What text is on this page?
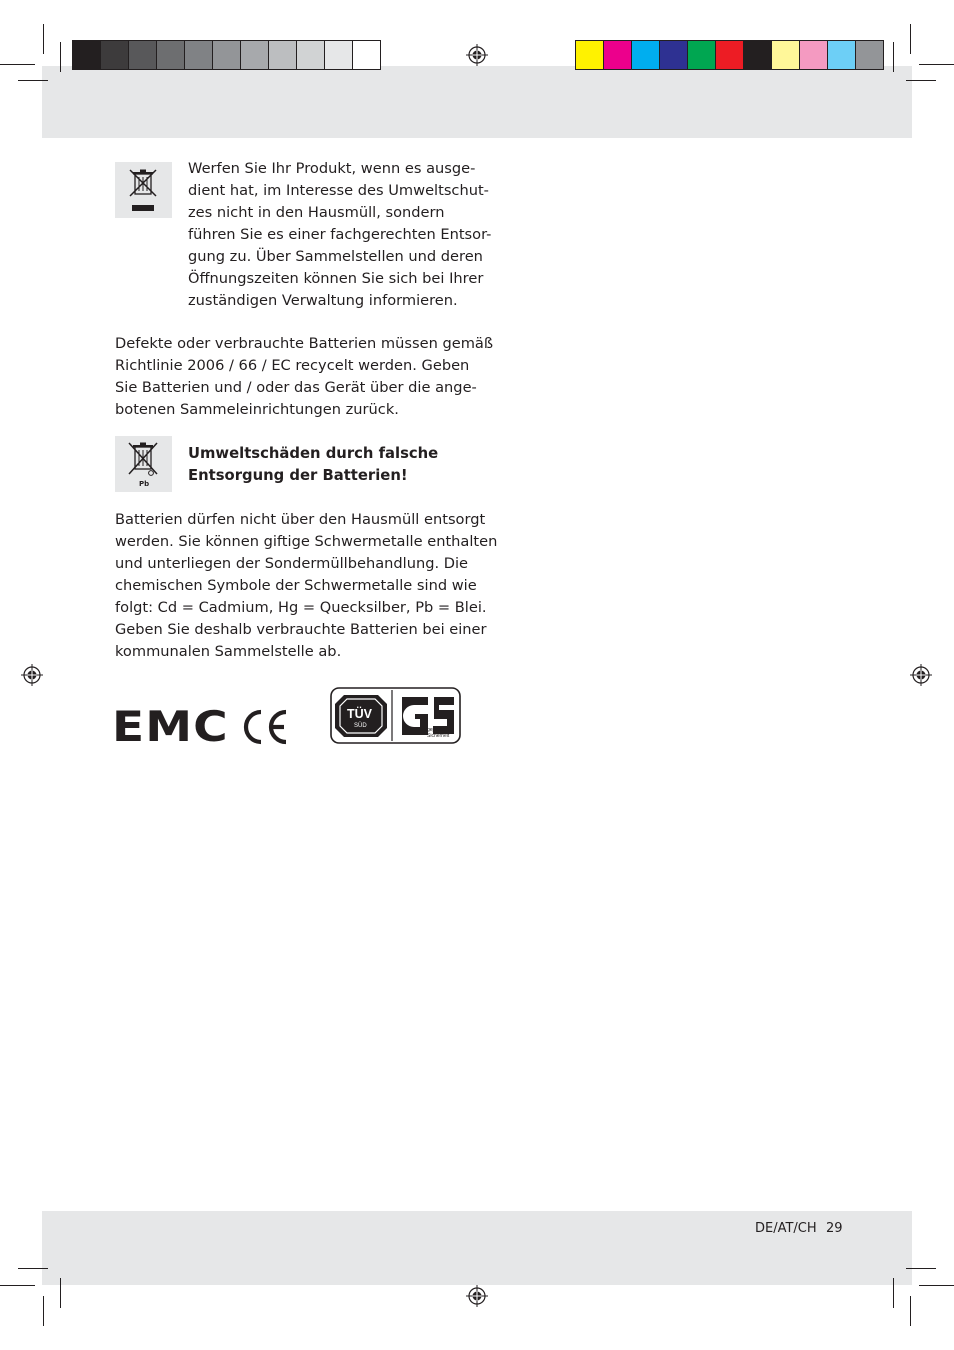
Werfen Sie Ihr Produkt, wenn es ausge-
dient hat, im Interesse des Umweltschut-
zes nicht in den Hausmüll, sondern
führen Sie es einer fachgerechten Entsor-
gung zu. Über Sammelstellen und deren
Öffnungszeiten können Sie sich bei Ihrer
zuständigen Verwaltung informieren.
Defekte oder verbrauchte Batterien müssen gemäß
Richtlinie 2006 / 66 / EC recycelt werden. Geben
Sie Batterien und / oder das Gerät über die ange-
botenen Sammeleinrichtungen zurück.
Pb
Umweltschäden durch falsche
Entsorgung der Batterien!
Batterien dürfen nicht über den Hausmüll entsorgt
werden. Sie können giftige Schwermetalle enthalten
und unterliegen der Sondermüllbehandlung. Die
chemischen Symbole der Schwermetalle sind wie
folgt: Cd = Cadmium, Hg = Quecksilber, Pb = Blei.
Geben Sie deshalb verbrauchte Batterien bei einer
kommunalen Sammelstelle ab.
EMC	CE	TÜV
SÜD
geprüfte
Sicherheit
DE/AT/CH 29
